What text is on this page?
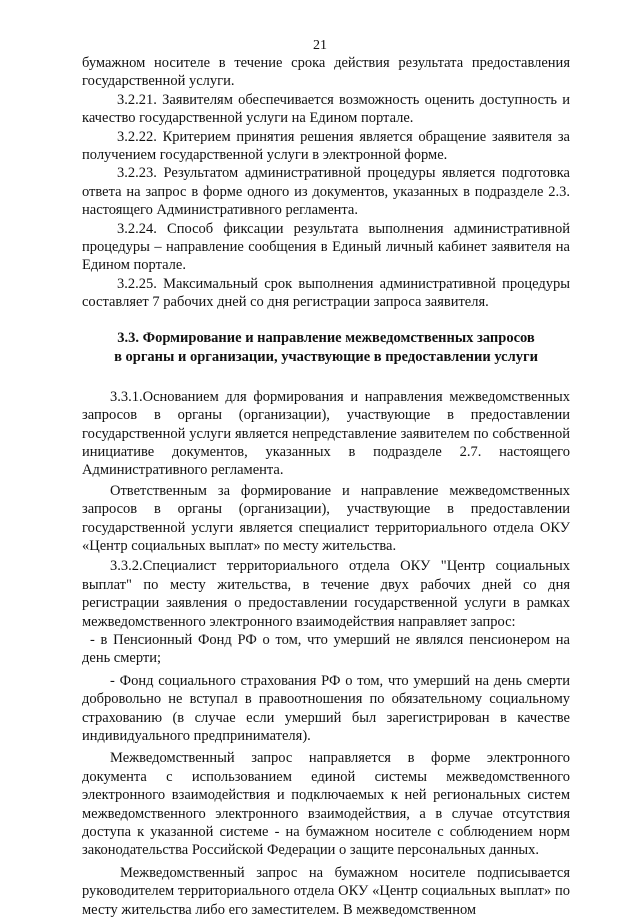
21

бумажном носителе в течение срока действия результата предоставления государственной услуги.

3.2.21. Заявителям обеспечивается возможность оценить доступность и качество государственной услуги на Едином портале.

3.2.22. Критерием принятия решения является обращение заявителя за получением государственной услуги в электронной форме.

3.2.23. Результатом административной процедуры является подготовка ответа на запрос в форме одного из документов, указанных в подразделе 2.3. настоящего Административного регламента.

3.2.24. Способ фиксации результата выполнения административной процедуры – направление сообщения в Единый личный кабинет заявителя на Едином портале.

3.2.25. Максимальный срок выполнения административной процедуры составляет 7 рабочих дней со дня регистрации запроса заявителя.

3.3. Формирование и направление межведомственных запросов
в органы и организации, участвующие в предоставлении услуги

3.3.1.Основанием для формирования и направления межведомственных запросов в органы (организации), участвующие в предоставлении государственной услуги является непредставление заявителем по собственной инициативе документов, указанных в подразделе 2.7. настоящего Административного регламента.

Ответственным за формирование и направление межведомственных запросов в органы (организации), участвующие в предоставлении государственной услуги является специалист территориального отдела ОКУ «Центр социальных выплат» по месту жительства.

3.3.2.Специалист территориального отдела ОКУ "Центр социальных выплат" по месту жительства, в течение двух рабочих дней со дня регистрации заявления о предоставлении государственной услуги в рамках межведомственного электронного взаимодействия направляет запрос:

- в Пенсионный Фонд РФ о том, что умерший не являлся пенсионером на день смерти;

- Фонд социального страхования РФ о том, что умерший на день смерти добровольно не вступал в правоотношения по обязательному социальному страхованию (в случае если умерший был зарегистрирован в качестве индивидуального предпринимателя).

Межведомственный запрос направляется в форме электронного документа с использованием единой системы межведомственного электронного взаимодействия и подключаемых к ней региональных систем межведомственного электронного взаимодействия, а в случае отсутствия доступа к указанной системе - на бумажном носителе с соблюдением норм законодательства Российской Федерации о защите персональных данных.

Межведомственный запрос на бумажном носителе подписывается руководителем территориального отдела ОКУ «Центр социальных выплат» по месту жительства либо его заместителем. В межведомственном
